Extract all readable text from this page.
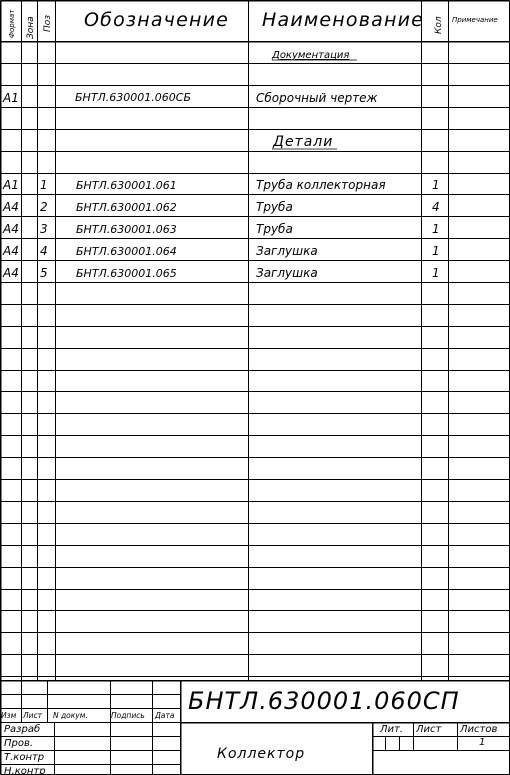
Формат Зона Поз Обозначение Наименование Кол Примечание
Документация
A1	БНТЛ.630001.060СБ	Сборочный чертеж
Детали
A1 1	БНТЛ.630001.061	Труба коллекторная	1
A4 2	БНТЛ.630001.062	Труба	4
A4 3	БНТЛ.630001.063	Труба	1
A4 4	БНТЛ.630001.064	Заглушка	1
A4 5	БНТЛ.630001.065	Заглушка	1
БНТЛ.630001.060СП
Изм Лист N докум.	Подпись Дата
Разраб
Пров.
Т.контр
Н.контр
Коллектор
Лит. Лист Листов
1
